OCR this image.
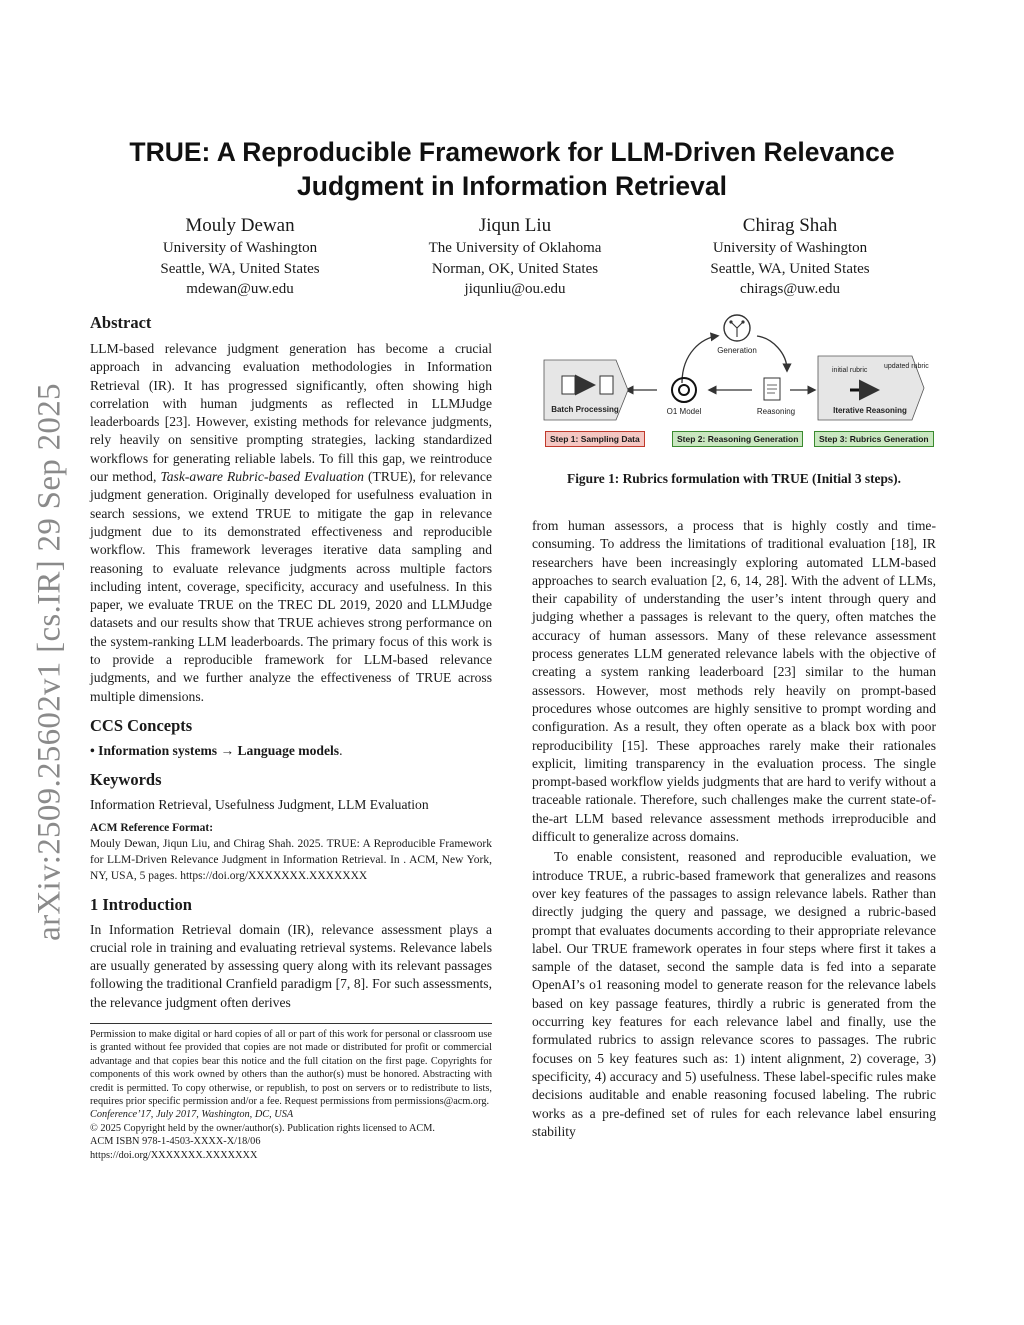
arXiv:2509.25602v1 [cs.IR] 29 Sep 2025
TRUE: A Reproducible Framework for LLM-Driven Relevance Judgment in Information Retrieval
Mouly Dewan
University of Washington
Seattle, WA, United States
mdewan@uw.edu
Jiqun Liu
The University of Oklahoma
Norman, OK, United States
jiqunliu@ou.edu
Chirag Shah
University of Washington
Seattle, WA, United States
chirags@uw.edu
Abstract

LLM-based relevance judgment generation has become a crucial approach in advancing evaluation methodologies in Information Retrieval (IR). It has progressed significantly, often showing high correlation with human judgments as reflected in LLMJudge leaderboards [23]. However, existing methods for relevance judgments, rely heavily on sensitive prompting strategies, lacking standardized workflows for generating reliable labels. To fill this gap, we reintroduce our method, Task-aware Rubric-based Evaluation (TRUE), for relevance judgment generation. Originally developed for usefulness evaluation in search sessions, we extend TRUE to mitigate the gap in relevance judgment due to its demonstrated effectiveness and reproducible workflow. This framework leverages iterative data sampling and reasoning to evaluate relevance judgments across multiple factors including intent, coverage, specificity, accuracy and usefulness. In this paper, we evaluate TRUE on the TREC DL 2019, 2020 and LLMJudge datasets and our results show that TRUE achieves strong performance on the system-ranking LLM leaderboards. The primary focus of this work is to provide a reproducible framework for LLM-based relevance judgments, and we further analyze the effectiveness of TRUE across multiple dimensions.

CCS Concepts

• Information systems → Language models.

Keywords

Information Retrieval, Usefulness Judgment, LLM Evaluation

ACM Reference Format:

Mouly Dewan, Jiqun Liu, and Chirag Shah. 2025. TRUE: A Reproducible Framework for LLM-Driven Relevance Judgment in Information Retrieval. In . ACM, New York, NY, USA, 5 pages. https://doi.org/XXXXXXX.XXXXXXX

1 Introduction

In Information Retrieval domain (IR), relevance assessment plays a crucial role in training and evaluating retrieval systems. Relevance labels are usually generated by assessing query along with its relevant passages following the traditional Cranfield paradigm [7, 8]. For such assessments, the relevance judgment often derives

Permission to make digital or hard copies of all or part of this work for personal or classroom use is granted without fee provided that copies are not made or distributed for profit or commercial advantage and that copies bear this notice and the full citation on the first page. Copyrights for components of this work owned by others than the author(s) must be honored. Abstracting with credit is permitted. To copy otherwise, or republish, to post on servers or to redistribute to lists, requires prior specific permission and/or a fee. Request permissions from permissions@acm.org.
Conference’17, July 2017, Washington, DC, USA
© 2025 Copyright held by the owner/author(s). Publication rights licensed to ACM.
ACM ISBN 978-1-4503-XXXX-X/18/06
https://doi.org/XXXXXXX.XXXXXXX
Generation
Batch Processing	O1 Model	Reasoning
initial rubric
updated rubric
Iterative Reasoning
Step 1: Sampling Data	Step 2: Reasoning Generation	Step 3: Rubrics Generation
Figure 1: Rubrics formulation with TRUE (Initial 3 steps).

from human assessors, a process that is highly costly and time-consuming. To address the limitations of traditional evaluation [18], IR researchers have been increasingly exploring automated LLM-based approaches to search evaluation [2, 6, 14, 28]. With the advent of LLMs, their capability of understanding the user’s intent through query and judging whether a passages is relevant to the query, often matches the accuracy of human assessors. Many of these relevance assessment process generates LLM generated relevance labels with the objective of creating a system ranking leaderboard [23] similar to the human assessors. However, most methods rely heavily on prompt-based procedures whose outcomes are highly sensitive to prompt wording and configuration. As a result, they often operate as a black box with poor reproducibility [15]. These approaches rarely make their rationales explicit, limiting transparency in the evaluation process. The single prompt-based workflow yields judgments that are hard to verify without a traceable rationale. Therefore, such challenges make the current state-of-the-art LLM based relevance assessment methods irreproducible and difficult to generalize across domains.

To enable consistent, reasoned and reproducible evaluation, we introduce TRUE, a rubric-based framework that generalizes and reasons over key features of the passages to assign relevance labels. Rather than directly judging the query and passage, we designed a rubric-based prompt that evaluates documents according to their appropriate relevance label. Our TRUE framework operates in four steps where first it takes a sample of the dataset, second the sample data is fed into a separate OpenAI’s o1 reasoning model to generate reason for the relevance labels based on key passage features, thirdly a rubric is generated from the occurring key features for each relevance label and finally, use the formulated rubrics to assign relevance scores to passages. The rubric focuses on 5 key features such as: 1) intent alignment, 2) coverage, 3) specificity, 4) accuracy and 5) usefulness. These label-specific rules make decisions auditable and enable reasoning focused labeling. The rubric works as a pre-defined set of rules for each relevance label ensuring stability
